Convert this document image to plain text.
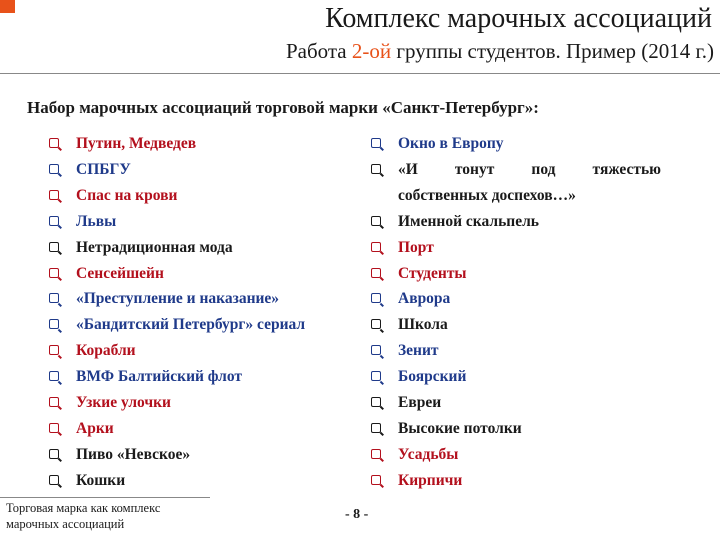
Комплекс марочных ассоциаций
Работа 2-ой группы студентов. Пример (2014 г.)
Набор марочных ассоциаций торговой марки «Санкт-Петербург»:
Путин, Медведев
СПБГУ
Спас на крови
Львы
Нетрадиционная мода
Сенсейшейн
«Преступление и наказание»
«Бандитский Петербург» сериал
Корабли
ВМФ Балтийский флот
Узкие улочки
Арки
Пиво «Невское»
Кошки
Окно в Европу
«И тонут под тяжестью
собственных доспехов…»
Именной скальпель
Порт
Студенты
Аврора
Школа
Зенит
Боярский
Евреи
Высокие потолки
Усадьбы
Кирпичи
Торговая марка как комплекс
марочных ассоциаций
- 8 -
